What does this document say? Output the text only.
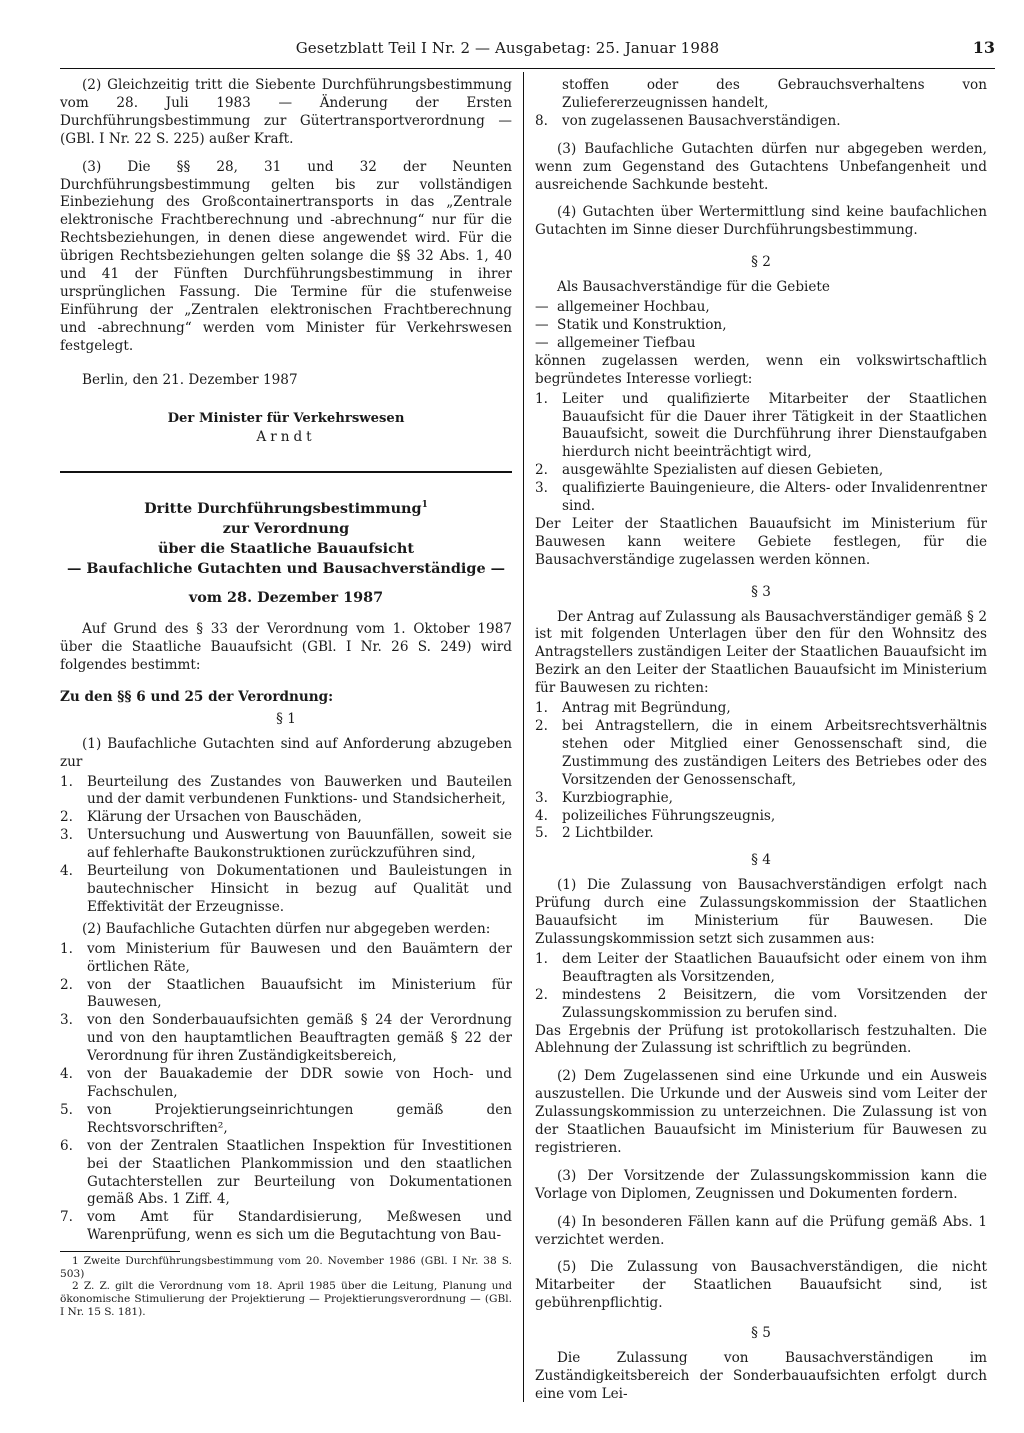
Gesetzblatt Teil I Nr. 2 — Ausgabetag: 25. Januar 1988	13
(2) Gleichzeitig tritt die Siebente Durchführungsbestimmung vom 28. Juli 1983 — Änderung der Ersten Durchführungsbestimmung zur Gütertransportverordnung — (GBl. I Nr. 22 S. 225) außer Kraft.
(3) Die §§ 28, 31 und 32 der Neunten Durchführungsbestimmung gelten bis zur vollständigen Einbeziehung des Großcontainertransports in das „Zentrale elektronische Frachtberechnung und -abrechnung“ nur für die Rechtsbeziehungen, in denen diese angewendet wird. Für die übrigen Rechtsbeziehungen gelten solange die §§ 32 Abs. 1, 40 und 41 der Fünften Durchführungsbestimmung in ihrer ursprünglichen Fassung. Die Termine für die stufenweise Einführung der „Zentralen elektronischen Frachtberechnung und -abrechnung“ werden vom Minister für Verkehrswesen festgelegt.
Berlin, den 21. Dezember 1987
Der Minister für Verkehrswesen
Arndt
Dritte Durchführungsbestimmung$^1$
zur Verordnung
über die Staatliche Bauaufsicht
— Baufachliche Gutachten und Bausachverständige —
vom 28. Dezember 1987
Auf Grund des § 33 der Verordnung vom 1. Oktober 1987 über die Staatliche Bauaufsicht (GBl. I Nr. 26 S. 249) wird folgendes bestimmt:
Zu den §§ 6 und 25 der Verordnung:
§ 1
(1) Baufachliche Gutachten sind auf Anforderung abzugeben zur
1.	Beurteilung des Zustandes von Bauwerken und Bauteilen und der damit verbundenen Funktions- und Standsicherheit,
2.	Klärung der Ursachen von Bauschäden,
3.	Untersuchung und Auswertung von Bauunfällen, soweit sie auf fehlerhafte Baukonstruktionen zurückzuführen sind,
4.	Beurteilung von Dokumentationen und Bauleistungen in bautechnischer Hinsicht in bezug auf Qualität und Effektivität der Erzeugnisse.
(2) Baufachliche Gutachten dürfen nur abgegeben werden:
1.	vom Ministerium für Bauwesen und den Bauämtern der örtlichen Räte,
2.	von der Staatlichen Bauaufsicht im Ministerium für Bauwesen,
3.	von den Sonderbauaufsichten gemäß § 24 der Verordnung und von den hauptamtlichen Beauftragten gemäß § 22 der Verordnung für ihren Zuständigkeitsbereich,
4.	von der Bauakademie der DDR sowie von Hoch- und Fachschulen,
5.	von Projektierungseinrichtungen gemäß den Rechtsvorschriften²,
6.	von der Zentralen Staatlichen Inspektion für Investitionen bei der Staatlichen Plankommission und den staatlichen Gutachterstellen zur Beurteilung von Dokumentationen gemäß Abs. 1 Ziff. 4,
7.	vom Amt für Standardisierung, Meßwesen und Warenprüfung, wenn es sich um die Begutachtung von Bau-
1 Zweite Durchführungsbestimmung vom 20. November 1986 (GBl. I Nr. 38 S. 503)
2 Z. Z. gilt die Verordnung vom 18. April 1985 über die Leitung, Planung und ökonomische Stimulierung der Projektierung — Projektierungsverordnung — (GBl. I Nr. 15 S. 181).
stoffen oder des Gebrauchsverhaltens von Zuliefererzeugnissen handelt,
8.	von zugelassenen Bausachverständigen.
(3) Baufachliche Gutachten dürfen nur abgegeben werden, wenn zum Gegenstand des Gutachtens Unbefangenheit und ausreichende Sachkunde besteht.
(4) Gutachten über Wertermittlung sind keine baufachlichen Gutachten im Sinne dieser Durchführungsbestimmung.
§ 2
Als Bausachverständige für die Gebiete
— allgemeiner Hochbau,
— Statik und Konstruktion,
— allgemeiner Tiefbau
können zugelassen werden, wenn ein volkswirtschaftlich begründetes Interesse vorliegt:
1.	Leiter und qualifizierte Mitarbeiter der Staatlichen Bauaufsicht für die Dauer ihrer Tätigkeit in der Staatlichen Bauaufsicht, soweit die Durchführung ihrer Dienstaufgaben hierdurch nicht beeinträchtigt wird,
2.	ausgewählte Spezialisten auf diesen Gebieten,
3.	qualifizierte Bauingenieure, die Alters- oder Invalidenrentner sind.
Der Leiter der Staatlichen Bauaufsicht im Ministerium für Bauwesen kann weitere Gebiete festlegen, für die Bausachverständige zugelassen werden können.
§ 3
Der Antrag auf Zulassung als Bausachverständiger gemäß § 2 ist mit folgenden Unterlagen über den für den Wohnsitz des Antragstellers zuständigen Leiter der Staatlichen Bauaufsicht im Bezirk an den Leiter der Staatlichen Bauaufsicht im Ministerium für Bauwesen zu richten:
1.	Antrag mit Begründung,
2.	bei Antragstellern, die in einem Arbeitsrechtsverhältnis stehen oder Mitglied einer Genossenschaft sind, die Zustimmung des zuständigen Leiters des Betriebes oder des Vorsitzenden der Genossenschaft,
3.	Kurzbiographie,
4.	polizeiliches Führungszeugnis,
5.	2 Lichtbilder.
§ 4
(1) Die Zulassung von Bausachverständigen erfolgt nach Prüfung durch eine Zulassungskommission der Staatlichen Bauaufsicht im Ministerium für Bauwesen. Die Zulassungskommission setzt sich zusammen aus:
1.	dem Leiter der Staatlichen Bauaufsicht oder einem von ihm Beauftragten als Vorsitzenden,
2.	mindestens 2 Beisitzern, die vom Vorsitzenden der Zulassungskommission zu berufen sind.
Das Ergebnis der Prüfung ist protokollarisch festzuhalten. Die Ablehnung der Zulassung ist schriftlich zu begründen.
(2) Dem Zugelassenen sind eine Urkunde und ein Ausweis auszustellen. Die Urkunde und der Ausweis sind vom Leiter der Zulassungskommission zu unterzeichnen. Die Zulassung ist von der Staatlichen Bauaufsicht im Ministerium für Bauwesen zu registrieren.
(3) Der Vorsitzende der Zulassungskommission kann die Vorlage von Diplomen, Zeugnissen und Dokumenten fordern.
(4) In besonderen Fällen kann auf die Prüfung gemäß Abs. 1 verzichtet werden.
(5) Die Zulassung von Bausachverständigen, die nicht Mitarbeiter der Staatlichen Bauaufsicht sind, ist gebührenpflichtig.
§ 5
Die Zulassung von Bausachverständigen im Zuständigkeitsbereich der Sonderbauaufsichten erfolgt durch eine vom Lei-
